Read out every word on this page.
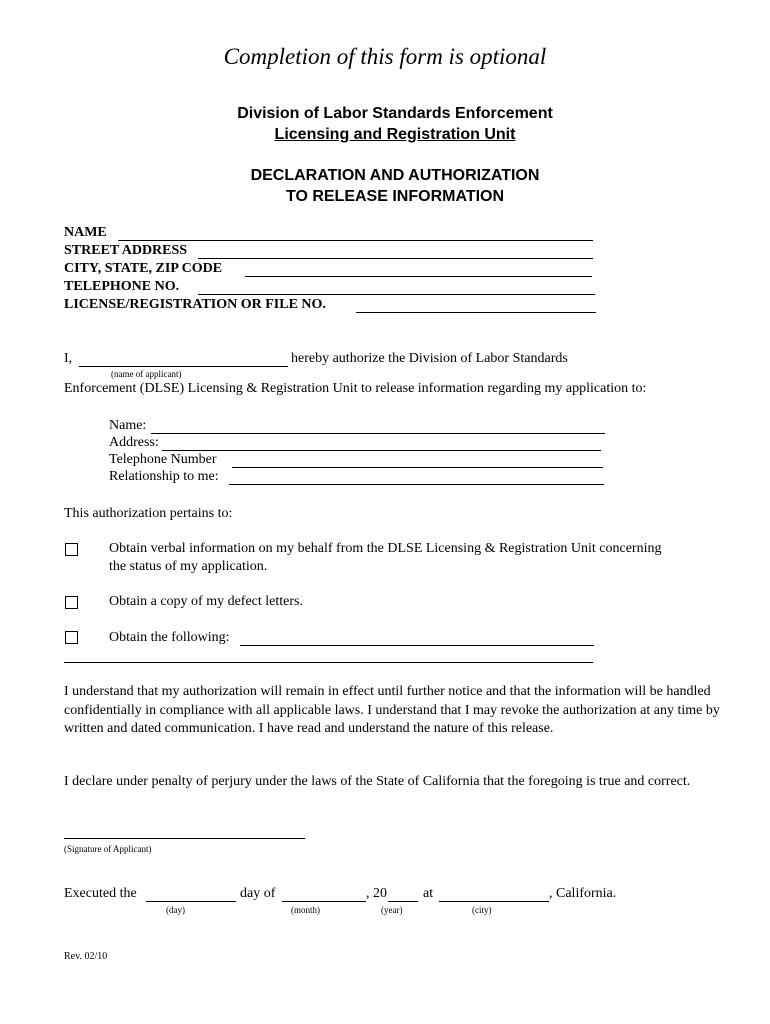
Completion of this form is optional
Division of Labor Standards Enforcement
Licensing and Registration Unit
DECLARATION AND AUTHORIZATION
TO RELEASE INFORMATION
NAME
STREET ADDRESS
CITY, STATE, ZIP CODE
TELEPHONE NO.
LICENSE/REGISTRATION OR FILE NO.
I,	hereby authorize the Division of Labor Standards
(name of applicant)
Enforcement (DLSE) Licensing & Registration Unit to release information regarding my application to:
Name:
Address:
Telephone Number
Relationship to me:
This authorization pertains to:
Obtain verbal information on my behalf from the DLSE Licensing & Registration Unit concerning
the status of my application.
Obtain a copy of my defect letters.
Obtain the following:
I understand that my authorization will remain in effect until further notice and that the information will be handled confidentially in compliance with all applicable laws. I understand that I may revoke the authorization at any time by written and dated communication. I have read and understand the nature of this release.
I declare under penalty of perjury under the laws of the State of California that the foregoing is true and correct.
(Signature of Applicant)
Executed the	day of	, 20	at	, California.
(day)	(month)	(year)	(city)
Rev. 02/10
